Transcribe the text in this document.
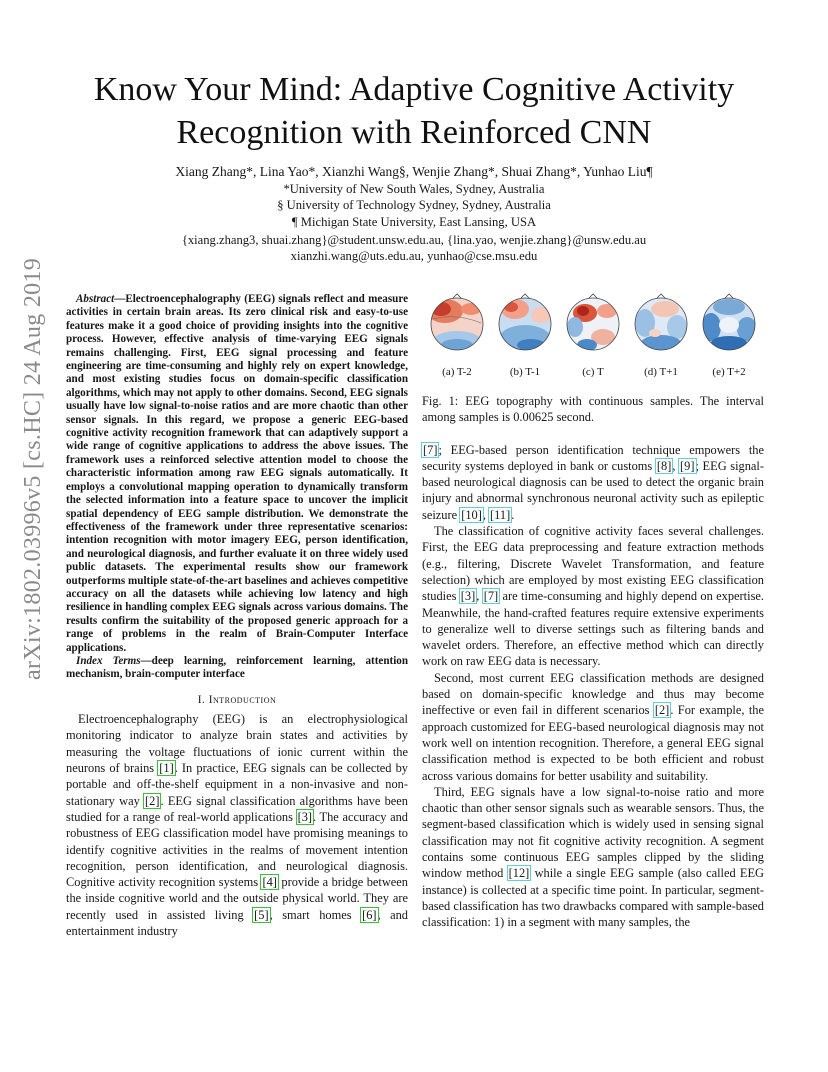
Know Your Mind: Adaptive Cognitive Activity Recognition with Reinforced CNN
Xiang Zhang*, Lina Yao*, Xianzhi Wang§, Wenjie Zhang*, Shuai Zhang*, Yunhao Liu¶
*University of New South Wales, Sydney, Australia
§ University of Technology Sydney, Sydney, Australia
¶ Michigan State University, East Lansing, USA
{xiang.zhang3, shuai.zhang}@student.unsw.edu.au, {lina.yao, wenjie.zhang}@unsw.edu.au
xianzhi.wang@uts.edu.au, yunhao@cse.msu.edu
arXiv:1802.03996v5 [cs.HC] 24 Aug 2019	Abstract—Electroencephalography (EEG) signals reflect and measure activities in certain brain areas. Its zero clinical risk and easy-to-use features make it a good choice of providing insights into the cognitive process. However, effective analysis of time-varying EEG signals remains challenging. First, EEG signal processing and feature engineering are time-consuming and highly rely on expert knowledge, and most existing studies focus on domain-specific classification algorithms, which may not apply to other domains. Second, EEG signals usually have low signal-to-noise ratios and are more chaotic than other sensor signals. In this regard, we propose a generic EEG-based cognitive activity recognition framework that can adaptively support a wide range of cognitive applications to address the above issues. The framework uses a reinforced selective attention model to choose the characteristic information among raw EEG signals automatically. It employs a convolutional mapping operation to dynamically transform the selected information into a feature space to uncover the implicit spatial dependency of EEG sample distribution. We demonstrate the effectiveness of the framework under three representative scenarios: intention recognition with motor imagery EEG, person identification, and neurological diagnosis, and further evaluate it on three widely used public datasets. The experimental results show our framework outperforms multiple state-of-the-art baselines and achieves competitive accuracy on all the datasets while achieving low latency and high resilience in handling complex EEG signals across various domains. The results confirm the suitability of the proposed generic approach for a range of problems in the realm of Brain-Computer Interface applications.

Index Terms—deep learning, reinforcement learning, attention mechanism, brain-computer interface

I. Introduction

Electroencephalography (EEG) is an electrophysiological monitoring indicator to analyze brain states and activities by measuring the voltage fluctuations of ionic current within the neurons of brains [1]. In practice, EEG signals can be collected by portable and off-the-shelf equipment in a non-invasive and non-stationary way [2]. EEG signal classification algorithms have been studied for a range of real-world applications [3]. The accuracy and robustness of EEG classification model have promising meanings to identify cognitive activities in the realms of movement intention recognition, person identification, and neurological diagnosis. Cognitive activity recognition systems [4] provide a bridge between the inside cognitive world and the outside physical world. They are recently used in assisted living [5], smart homes [6], and entertainment industry

(a) T-2	(b) T-1	(c) T	(d) T+1	(e) T+2
Fig. 1: EEG topography with continuous samples. The interval among samples is 0.00625 second.

[7]; EEG-based person identification technique empowers the security systems deployed in bank or customs [8], [9]; EEG signal-based neurological diagnosis can be used to detect the organic brain injury and abnormal synchronous neuronal activity such as epileptic seizure [10], [11].

The classification of cognitive activity faces several challenges. First, the EEG data preprocessing and feature extraction methods (e.g., filtering, Discrete Wavelet Transformation, and feature selection) which are employed by most existing EEG classification studies [3], [7] are time-consuming and highly depend on expertise. Meanwhile, the hand-crafted features require extensive experiments to generalize well to diverse settings such as filtering bands and wavelet orders. Therefore, an effective method which can directly work on raw EEG data is necessary.

Second, most current EEG classification methods are designed based on domain-specific knowledge and thus may become ineffective or even fail in different scenarios [2]. For example, the approach customized for EEG-based neurological diagnosis may not work well on intention recognition. Therefore, a general EEG signal classification method is expected to be both efficient and robust across various domains for better usability and suitability.

Third, EEG signals have a low signal-to-noise ratio and more chaotic than other sensor signals such as wearable sensors. Thus, the segment-based classification which is widely used in sensing signal classification may not fit cognitive activity recognition. A segment contains some continuous EEG samples clipped by the sliding window method [12] while a single EEG sample (also called EEG instance) is collected at a specific time point. In particular, segment-based classification has two drawbacks compared with sample-based classification: 1) in a segment with many samples, the
